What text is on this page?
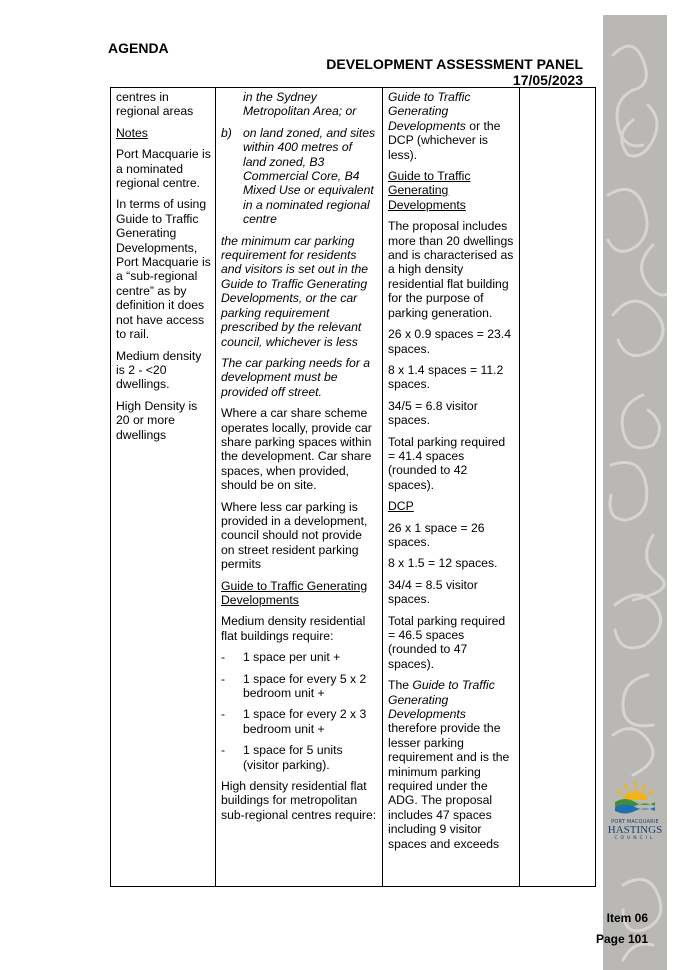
AGENDA
DEVELOPMENT ASSESSMENT PANEL
17/05/2023

centres in regional areas

Notes

Port Macquarie is a nominated regional centre.

In terms of using Guide to Traffic Generating Developments, Port Macquarie is a “sub-regional centre” as by definition it does not have access to rail.

Medium density is 2 - <20 dwellings.

High Density is 20 or more dwellings

in the Sydney Metropolitan Area; or
b) on land zoned, and sites within 400 metres of land zoned, B3 Commercial Core, B4 Mixed Use or equivalent in a nominated regional centre

the minimum car parking requirement for residents and visitors is set out in the Guide to Traffic Generating Developments, or the car parking requirement prescribed by the relevant council, whichever is less

The car parking needs for a development must be provided off street.

Where a car share scheme operates locally, provide car share parking spaces within the development. Car share spaces, when provided, should be on site.

Where less car parking is provided in a development, council should not provide on street resident parking permits

Guide to Traffic Generating Developments

Medium density residential flat buildings require:

- 1 space per unit +
- 1 space for every 5 x 2 bedroom unit +
- 1 space for every 2 x 3 bedroom unit +
- 1 space for 5 units (visitor parking).

High density residential flat buildings for metropolitan sub-regional centres require:

Guide to Traffic Generating Developments or the DCP (whichever is less).

Guide to Traffic Generating Developments

The proposal includes more than 20 dwellings and is characterised as a high density residential flat building for the purpose of parking generation.

26 x 0.9 spaces = 23.4 spaces.

8 x 1.4 spaces = 11.2 spaces.

34/5 = 6.8 visitor spaces.

Total parking required = 41.4 spaces (rounded to 42 spaces).

DCP

26 x 1 space = 26 spaces.

8 x 1.5 = 12 spaces.

34/4 = 8.5 visitor spaces.

Total parking required = 46.5 spaces (rounded to 47 spaces).

The Guide to Traffic Generating Developments therefore provide the lesser parking requirement and is the minimum parking required under the ADG. The proposal includes 47 spaces including 9 visitor spaces and exceeds

PORT MACQUARIE
HASTINGS
COUNCIL
Item 06
Page 101
